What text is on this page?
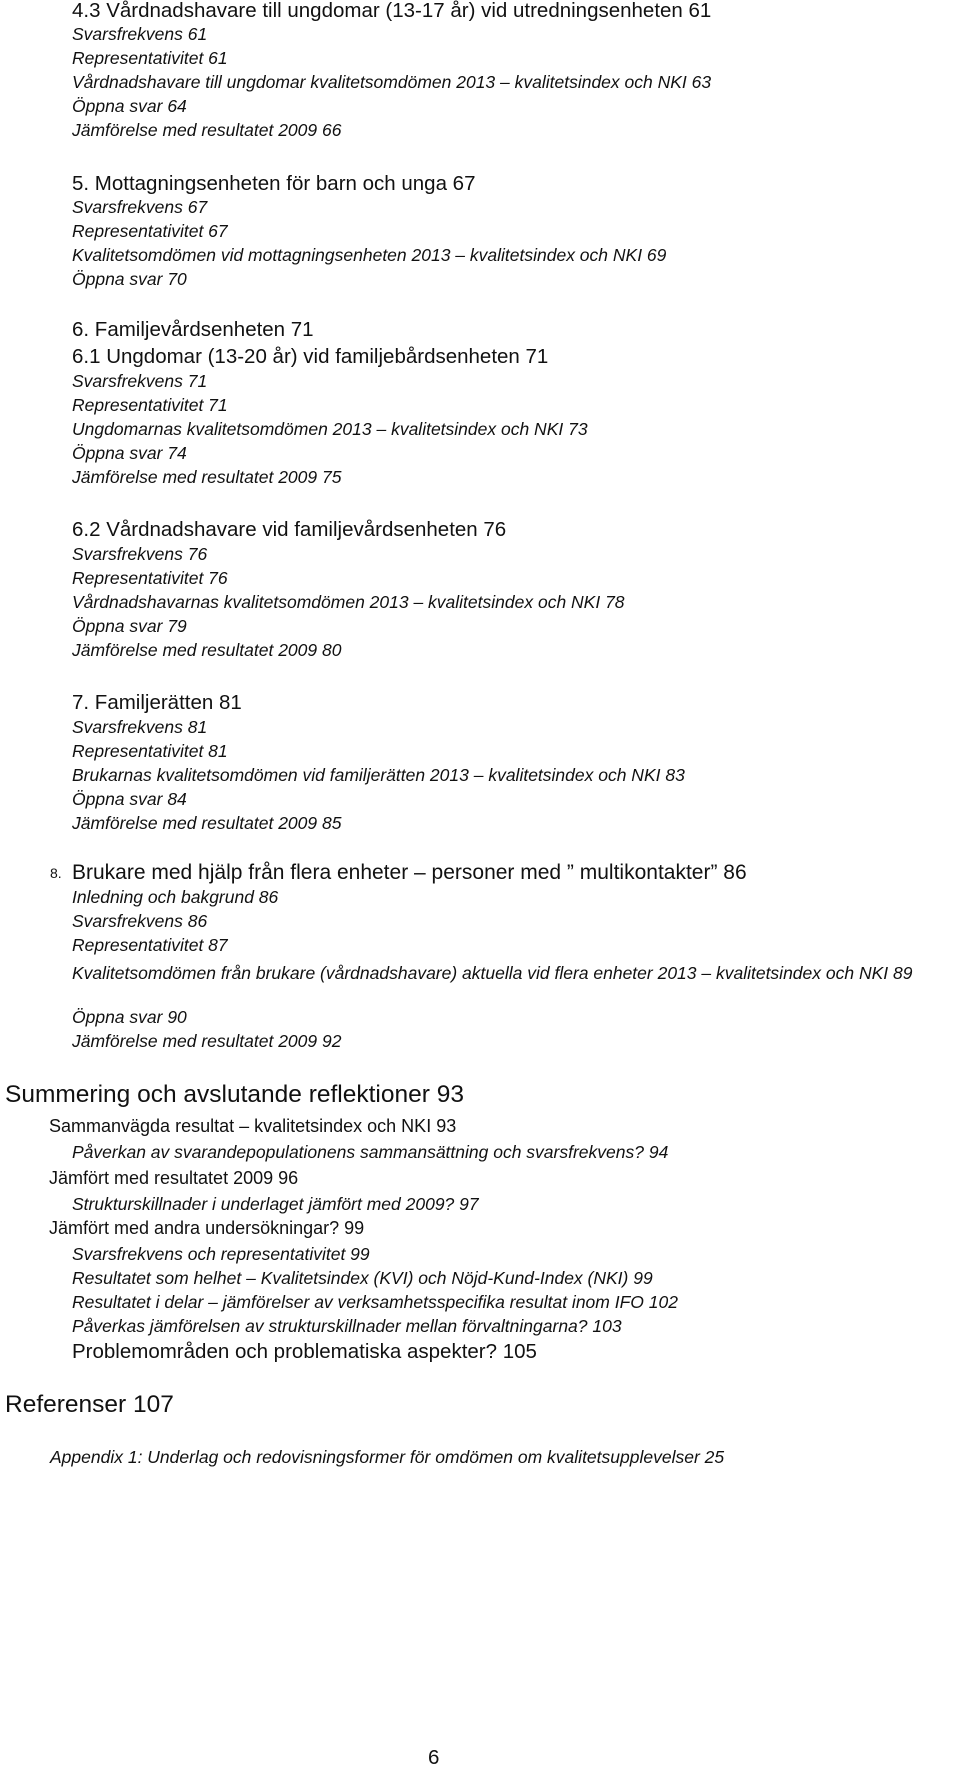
4.3 Vårdnadshavare till ungdomar (13-17 år) vid utredningsenheten 61
Svarsfrekvens 61
Representativitet 61
Vårdnadshavare till ungdomar kvalitetsomdömen 2013 – kvalitetsindex och NKI 63
Öppna svar 64
Jämförelse med resultatet 2009 66
5. Mottagningsenheten för barn och unga 67
Svarsfrekvens 67
Representativitet 67
Kvalitetsomdömen vid mottagningsenheten 2013 – kvalitetsindex och NKI 69
Öppna svar 70
6. Familjevårdsenheten 71
6.1 Ungdomar (13-20 år) vid familjebårdsenheten 71
Svarsfrekvens 71
Representativitet 71
Ungdomarnas kvalitetsomdömen 2013 – kvalitetsindex och NKI 73
Öppna svar 74
Jämförelse med resultatet 2009 75
6.2 Vårdnadshavare vid familjevårdsenheten 76
Svarsfrekvens 76
Representativitet 76
Vårdnadshavarnas kvalitetsomdömen 2013 – kvalitetsindex och NKI 78
Öppna svar 79
Jämförelse med resultatet 2009 80
7. Familjerätten 81
Svarsfrekvens 81
Representativitet 81
Brukarnas kvalitetsomdömen vid familjerätten 2013 – kvalitetsindex och NKI 83
Öppna svar 84
Jämförelse med resultatet 2009 85
8. Brukare med hjälp från flera enheter – personer med ” multikontakter” 86
Inledning och bakgrund 86
Svarsfrekvens 86
Representativitet 87
Kvalitetsomdömen från brukare (vårdnadshavare) aktuella vid flera enheter 2013 – kvalitetsindex och NKI 89
Öppna svar 90
Jämförelse med resultatet 2009 92
Summering och avslutande reflektioner 93
Sammanvägda resultat – kvalitetsindex och NKI 93
Påverkan av svarandepopulationens sammansättning och svarsfrekvens? 94
Jämfört med resultatet 2009 96
Strukturskillnader i underlaget jämfört med 2009? 97
Jämfört med andra undersökningar? 99
Svarsfrekvens och representativitet 99
Resultatet som helhet – Kvalitetsindex (KVI) och Nöjd-Kund-Index (NKI) 99
Resultatet i delar – jämförelser av verksamhetsspecifika resultat inom IFO 102
Påverkas jämförelsen av strukturskillnader mellan förvaltningarna? 103
Problemområden och problematiska aspekter? 105
Referenser 107
Appendix 1: Underlag och redovisningsformer för omdömen om kvalitetsupplevelser 25
6
